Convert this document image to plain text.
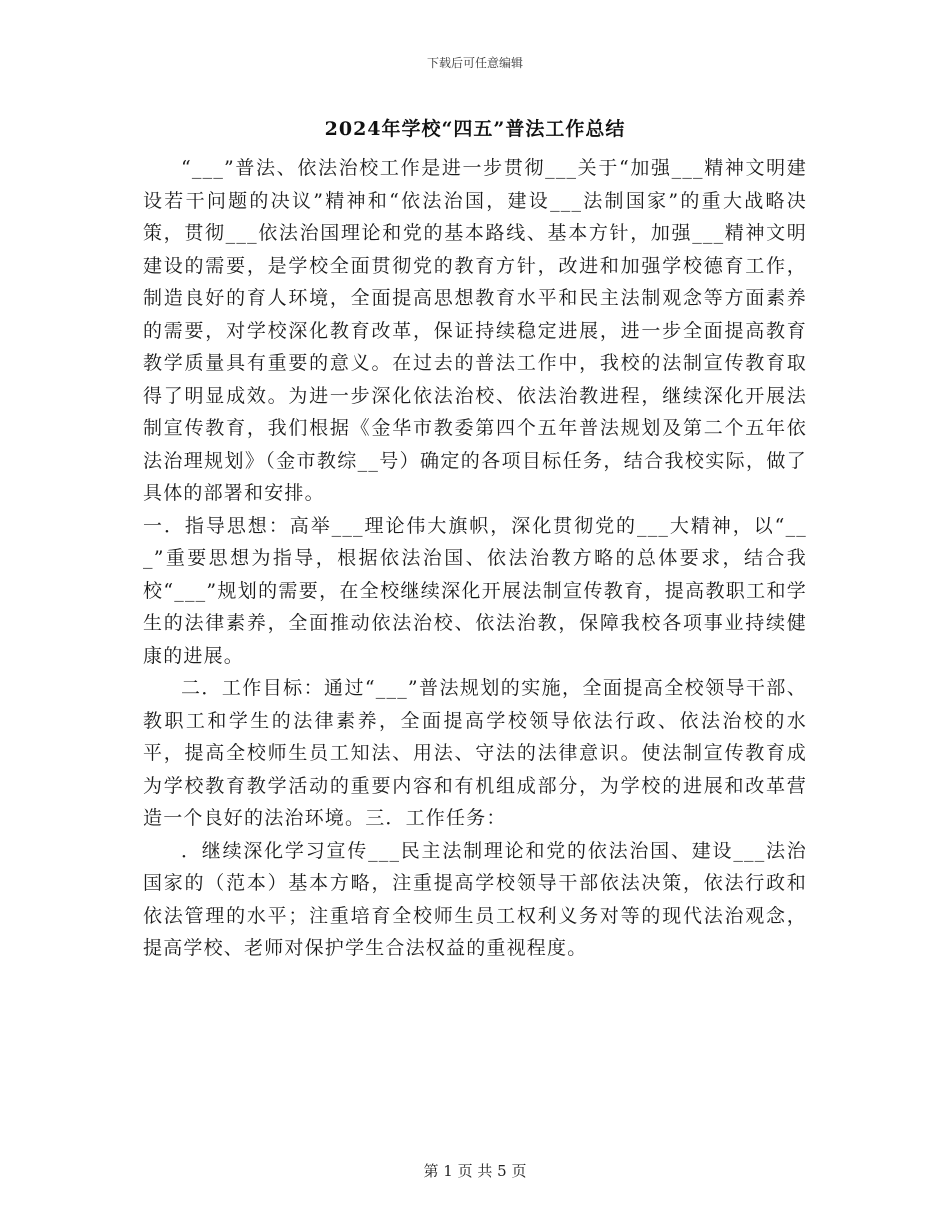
下载后可任意编辑
2024年学校“四五”普法工作总结

“___”普法、依法治校工作是进一步贯彻___关于“加强___精神文明建设若干问题的决议”精神和“依法治国，建设___法制国家”的重大战略决策，贯彻___依法治国理论和党的基本路线、基本方针，加强___精神文明建设的需要，是学校全面贯彻党的教育方针，改进和加强学校德育工作，制造良好的育人环境，全面提高思想教育水平和民主法制观念等方面素养的需要，对学校深化教育改革，保证持续稳定进展，进一步全面提高教育教学质量具有重要的意义。在过去的普法工作中，我校的法制宣传教育取得了明显成效。为进一步深化依法治校、依法治教进程，继续深化开展法制宣传教育，我们根据《金华市教委第四个五年普法规划及第二个五年依法治理规划》（金市教综__号）确定的各项目标任务，结合我校实际，做了具体的部署和安排。

一．指导思想：高举___理论伟大旗帜，深化贯彻党的___大精神，以“___”重要思想为指导，根据依法治国、依法治教方略的总体要求，结合我校“___”规划的需要，在全校继续深化开展法制宣传教育，提高教职工和学生的法律素养，全面推动依法治校、依法治教，保障我校各项事业持续健康的进展。

二．工作目标：通过“___”普法规划的实施，全面提高全校领导干部、教职工和学生的法律素养，全面提高学校领导依法行政、依法治校的水平，提高全校师生员工知法、用法、守法的法律意识。使法制宣传教育成为学校教育教学活动的重要内容和有机组成部分，为学校的进展和改革营造一个良好的法治环境。三．工作任务：

．继续深化学习宣传___民主法制理论和党的依法治国、建设___法治国家的（范本）基本方略，注重提高学校领导干部依法决策，依法行政和依法管理的水平；注重培育全校师生员工权利义务对等的现代法治观念，提高学校、老师对保护学生合法权益的重视程度。

第 1 页 共 5 页
